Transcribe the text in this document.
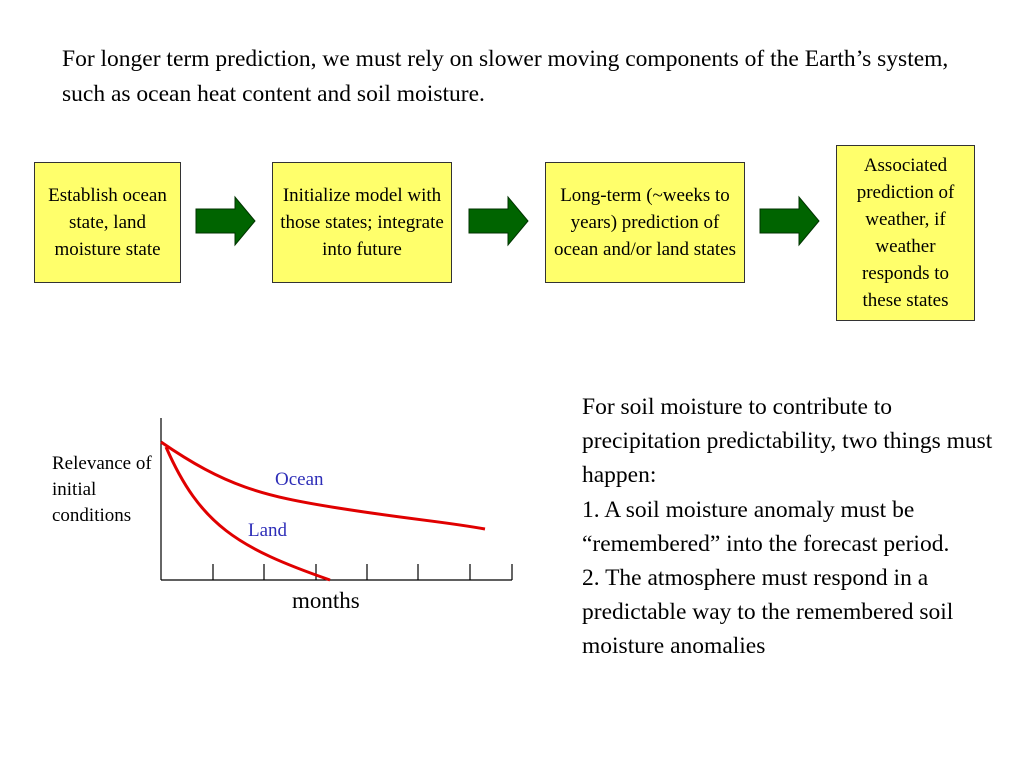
For longer term prediction, we must rely on slower moving components of the Earth’s system, such as ocean heat content and soil moisture.
Establish ocean state, land moisture state
Initialize model with those states; integrate into future
Long-term (~weeks to years) prediction of ocean and/or land states
Associated prediction of weather, if weather responds to these states
Relevance of initial conditions
months
Ocean
Land

For soil moisture to contribute to precipitation predictability, two things must happen:

1. A soil moisture anomaly must be “remembered” into the forecast period.

2. The atmosphere must respond in a predictable way to the remembered soil moisture anomalies
